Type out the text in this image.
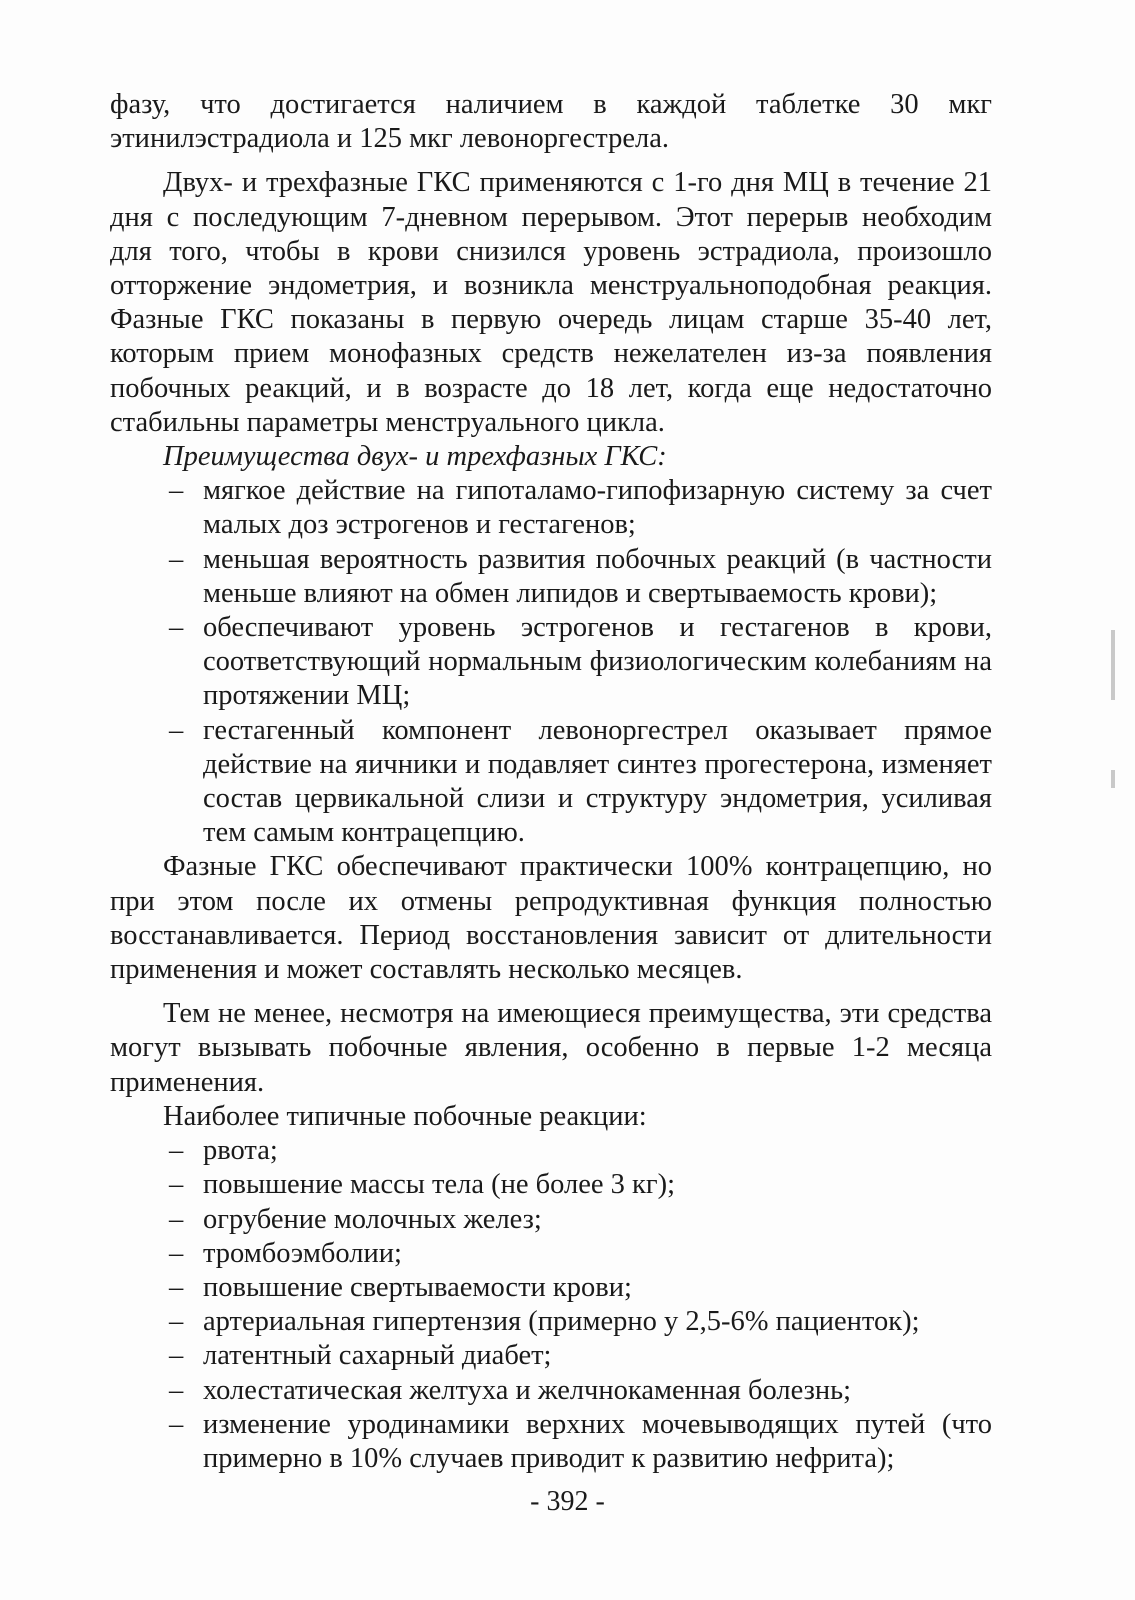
фазу, что достигается наличием в каждой таблетке 30 мкг этинилэстрадиола и 125 мкг левоноргестрела.

Двух- и трехфазные ГКС применяются с 1-го дня МЦ в течение 21 дня с последующим 7-дневном перерывом. Этот перерыв необходим для того, чтобы в крови снизился уровень эстрадиола, произошло отторжение эндометрия, и возникла менструальноподобная реакция. Фазные ГКС показаны в первую очередь лицам старше 35-40 лет, которым прием монофазных средств нежелателен из-за появления побочных реакций, и в возрасте до 18 лет, когда еще недостаточно стабильны параметры менструального цикла.

Преимущества двух- и трехфазных ГКС:

– мягкое действие на гипоталамо-гипофизарную систему за счет малых доз эстрогенов и гестагенов;
– меньшая вероятность развития побочных реакций (в частности меньше влияют на обмен липидов и свертываемость крови);
– обеспечивают уровень эстрогенов и гестагенов в крови, соответствующий нормальным физиологическим колебаниям на протяжении МЦ;
– гестагенный компонент левоноргестрел оказывает прямое действие на яичники и подавляет синтез прогестерона, изменяет состав цервикальной слизи и структуру эндометрия, усиливая тем самым контрацепцию.

Фазные ГКС обеспечивают практически 100% контрацепцию, но при этом после их отмены репродуктивная функция полностью восстанавливается. Период восстановления зависит от длительности применения и может составлять несколько месяцев.

Тем не менее, несмотря на имеющиеся преимущества, эти средства могут вызывать побочные явления, особенно в первые 1-2 месяца применения.

Наиболее типичные побочные реакции:

– рвота;
– повышение массы тела (не более 3 кг);
– огрубение молочных желез;
– тромбоэмболии;
– повышение свертываемости крови;
– артериальная гипертензия (примерно у 2,5-6% пациенток);
– латентный сахарный диабет;
– холестатическая желтуха и желчнокаменная болезнь;
– изменение уродинамики верхних мочевыводящих путей (что примерно в 10% случаев приводит к развитию нефрита);
- 392 -
